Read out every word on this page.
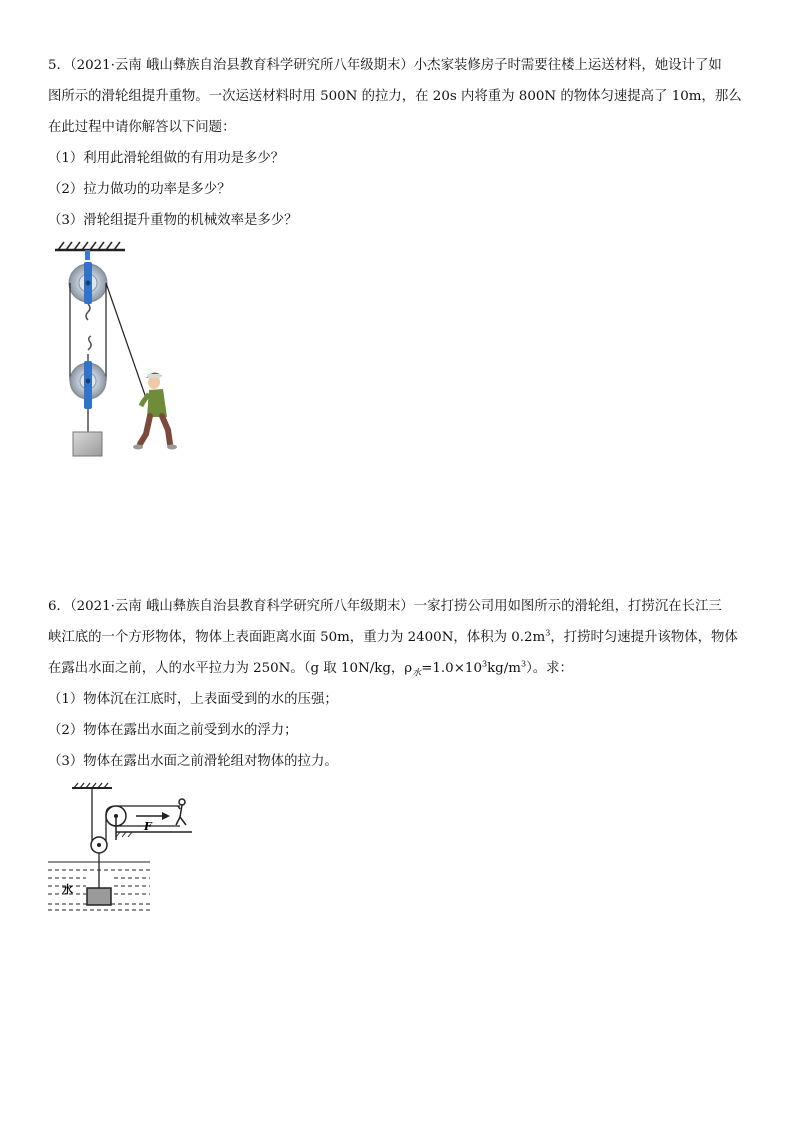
5．（2021·云南 峨山彝族自治县教育科学研究所八年级期末）小杰家装修房子时需要往楼上运送材料，她设计了如
图所示的滑轮组提升重物。一次运送材料时用 500N 的拉力，在 20s 内将重为 800N 的物体匀速提高了 10m，那么
在此过程中请你解答以下问题：
（1）利用此滑轮组做的有用功是多少？
（2）拉力做功的功率是多少？
（3）滑轮组提升重物的机械效率是多少？
6．（2021·云南 峨山彝族自治县教育科学研究所八年级期末）一家打捞公司用如图所示的滑轮组，打捞沉在长江三
峡江底的一个方形物体，物体上表面距离水面 50m，重力为 2400N，体积为 $0.2m^3$，打捞时匀速提升该物体，物体
在露出水面之前，人的水平拉力为 250N。（g 取 10N/kg，$\rho_水=1.0\times 10^3kg/m^3$）。求：
（1）物体沉在江底时，上表面受到的水的压强；
（2）物体在露出水面之前受到水的浮力；
（3）物体在露出水面之前滑轮组对物体的拉力。
F
水
